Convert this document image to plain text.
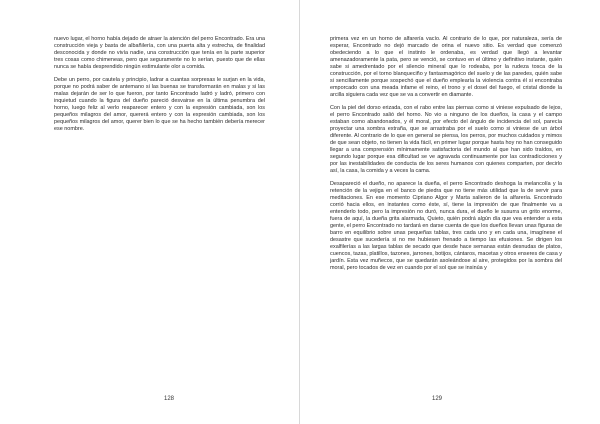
nuevo lugar, el horno había dejado de atraer la atención del perro Encontrado. Era una construcción vieja y basta de albañilería, con una puerta alta y estrecha, de finalidad desconocida y donde no vivía nadie, una construcción que tenía en la parte superior tres cosas como chimeneas, pero que seguramente no lo serían, puesto que de ellas nunca se había desprendido ningún estimulante olor a comida.

Debe un perro, por cautela y principio, ladrar a cuantas sorpresas le surjan en la vida, porque no podrá saber de antemano si las buenas se transformarán en malas y si las malas dejarán de ser lo que fueron, por tanto Encontrado ladró y ladró, primero con inquietud cuando la figura del dueño pareció desvairse en la última penumbra del horno, luego feliz al verlo reaparecer entero y con la expresión cambiada, son los pequeños milagros del amor, quererá entero y con la expresión cambiada, son los pequeños milagros del amor, querer bien lo que se ha hecho también debería merecer ese nombre.

128

primera vez en un horno de alfarería vacío. Al contrario de lo que, por naturaleza, sería de esperar, Encontrado no dejó marcado de orina el nuevo sitio. Es verdad que comenzó obedeciendo a lo que el instinto le ordenaba, es verdad que llegó a levantar amenazadoramente la pata, pero se venció, se contuvo en el último y definitivo instante, quién sabe si amedrentado por el silencio mineral que lo rodeaba, por la rudeza tosca de la construcción, por el torno blanqueciño y fantasmagórico del suelo y de las paredes, quién sabe si sencillamente porque sospechó que el dueño emplearía la violencia contra él si encontraba emporcado con una meada infame el reino, el trono y el dosel del fuego, el cristal dionde la arcilla siguiera cada vez que se va a convertir en diamante.

Con la piel del dorso erizada, con el rabo entre las piernas como si viniese expulsado de lejos, el perro Encontrado salió del horno. No vio a ninguno de los dueños, la casa y el campo estaban como abandonados, y él moral, por efecto del ángulo de incidencia del sol, parecía proyectar una sombra extraña, que se arrastraba por el suelo como si viniese de un árbol diferente. Al contrario de lo que en general se piensa, los perros, por muchos cuidados y mimos de que sean objeto, no tienen la vida fácil, en primer lugar porque hasta hoy no han conseguido llegar a una comprensión mínimamente satisfactoria del mundo al que han sido traídos, en segundo lugar porque esa dificultad se ve agravada continuamente por las contradicciones y por las inestabilidades de conducta de los seres humanos con quienes comparten, por decirlo así, la casa, la comida y a veces la cama.

Desapareció el dueño, no aparece la dueña, el perro Encontrado deshoga la melancolía y la retención de la vejiga en el banco de piedra que no tiene más utilidad que la de servir para meditaciones. En ese momento Cipriano Algor y Marta salieron de la alfarería. Encontrado corrió hacia ellos, en instantes como éste, sí, tiene la impresión de que finalmente va a entenderlo todo, pero la impresión no duró, nunca dura, el dueño le susurra un grito enorme, fuera de aquí, la dueña grita alarmada, Quieto, quién podrá algún día que vea entender a esta gente, el perro Encontrado no tardará en darse cuenta de que los dueños llevan unas figuras de barro en equilibrio sobre unas pequeñas tablas, tres cada uno y en cada una, imagínese el desastre que sucedería si no me hubiesen frenado a tiempo las efusiones. Se dirigen los exalfilerías a las largas tablas de secado que desde hace semanas están desnudas de platos, cuencos, tazas, platillos, tazones, jarrones, botijos, cántaros, macetas y otros enseres de casa y jardín. Esta vez muñecos, que se quedarán asoleándose al aire, protegidos por la sombra del moral, pero tocados de vez en cuando por el sol que se insinúa y

129
